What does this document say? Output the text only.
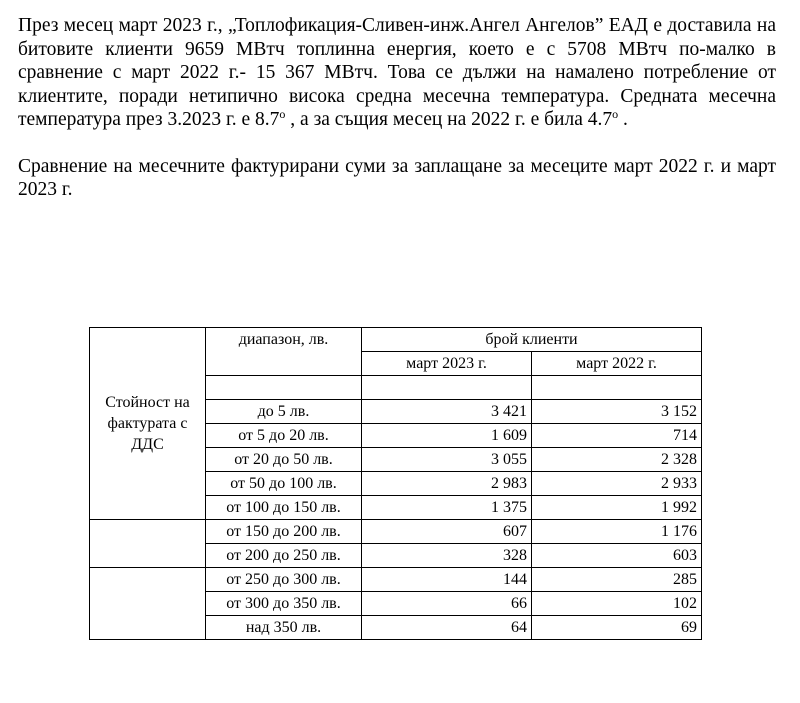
През месец март 2023 г., „Топлофикация-Сливен-инж.Ангел Ангелов” ЕАД е доставила на битовите клиенти 9659 МВтч топлинна енергия, което е с 5708 МВтч по-малко в сравнение с март 2022 г.- 15 367 МВтч. Това се дължи на намалено потребление от клиентите, поради нетипично висока средна месечна температура. Средната месечна температура през 3.2023 г. е $8.7^о$ , а за същия месец на 2022 г. е била $4.7^о$ .

Сравнение на месечните фактурирани суми за заплащане за месеците март 2022 г. и март 2023 г.

Стойност на фактурата с ДДС	диапазон, лв.	брой клиенти	
		март 2023 г.	март 2022 г.

	до 5 лв.	3 421	3 152
	от 5 до 20 лв.	1 609	714
	от 20 до 50 лв.	3 055	2 328
	от 50 до 100 лв.	2 983	2 933
	от 100 до 150 лв.	1 375	1 992
	от 150 до 200 лв.	607	1 176
	от 200 до 250 лв.	328	603
	от 250 до 300 лв.	144	285
	от 300 до 350 лв.	66	102
	над 350 лв.	64	69
